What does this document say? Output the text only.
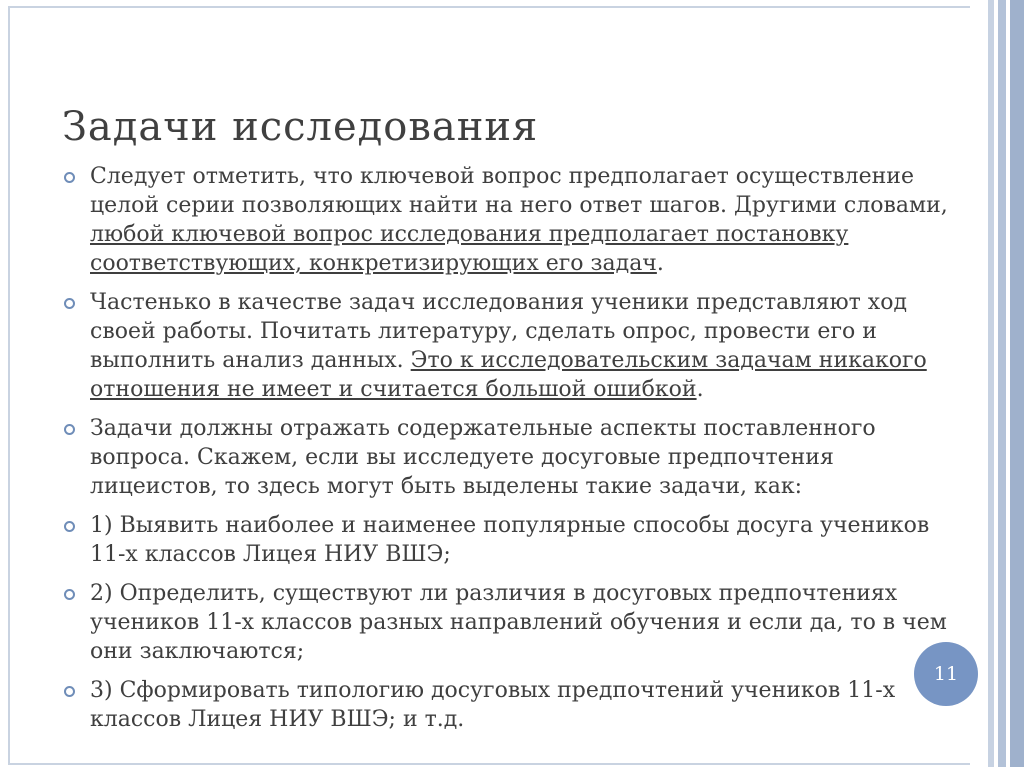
Задачи исследования
Следует отметить, что ключевой вопрос предполагает осуществление целой серии позволяющих найти на него ответ шагов. Другими словами, любой ключевой вопрос исследования предполагает постановку соответствующих, конкретизирующих его задач.
Частенько в качестве задач исследования ученики представляют ход своей работы. Почитать литературу, сделать опрос, провести его и выполнить анализ данных. Это к исследовательским задачам никакого отношения не имеет и считается большой ошибкой.
Задачи должны отражать содержательные аспекты поставленного вопроса. Скажем, если вы исследуете досуговые предпочтения лицеистов, то здесь могут быть выделены такие задачи, как:
1) Выявить наиболее и наименее популярные способы досуга учеников 11-х классов Лицея НИУ ВШЭ;
2) Определить, существуют ли различия в досуговых предпочтениях учеников 11-х классов разных направлений обучения и если да, то в чем они заключаются;
3) Сформировать типологию досуговых предпочтений учеников 11-х классов Лицея НИУ ВШЭ; и т.д.
11
